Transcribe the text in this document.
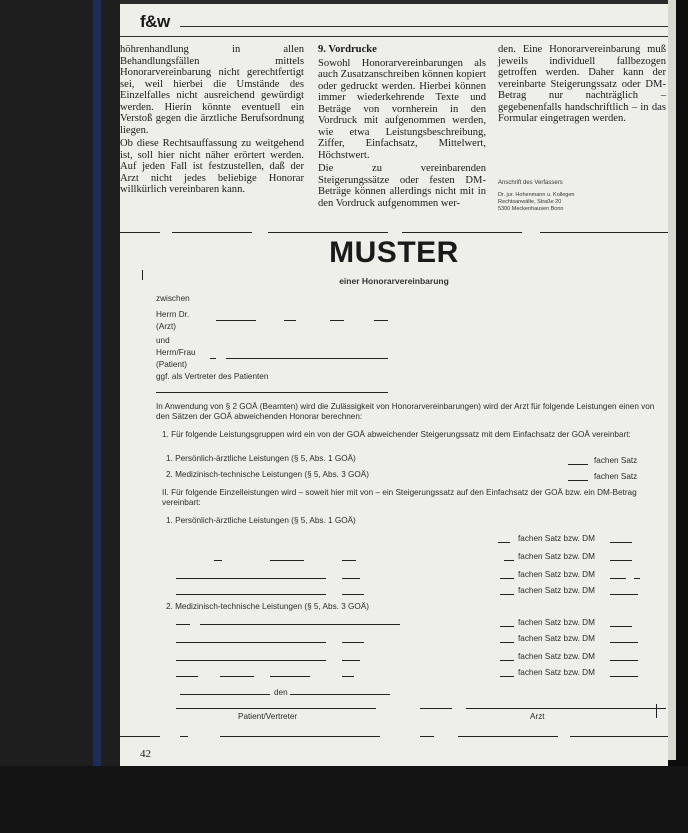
f&w

höhrenhandlung in allen Behandlungsfällen mittels Honorarvereinbarung nicht gerechtfertigt sei, weil hierbei die Umstände des Einzelfalles nicht ausreichend gewürdigt werden. Hierin könnte eventuell ein Verstoß gegen die ärztliche Berufsordnung liegen.

Ob diese Rechtsauffassung zu weitgehend ist, soll hier nicht näher erörtert werden. Auf jeden Fall ist festzustellen, daß der Arzt nicht jedes beliebige Honorar willkürlich vereinbaren kann.

9. Vordrucke

Sowohl Honorarvereinbarungen als auch Zusatzanschreiben können kopiert oder gedruckt werden. Hierbei können immer wiederkehrende Texte und Beträge von vornherein in den Vordruck mit aufgenommen werden, wie etwa Leistungsbeschreibung, Ziffer, Einfachsatz, Mittelwert, Höchstwert.

Die zu vereinbarenden Steigerungssätze oder festen DM-Beträge können allerdings nicht mit in den Vordruck aufgenommen wer-

den. Eine Honorarvereinbarung muß jeweils individuell fallbezogen getroffen werden. Daher kann der vereinbarte Steigerungssatz oder DM-Betrag nur nachträglich – gegebenenfalls handschriftlich – in das Formular eingetragen werden.

Anschrift des Verfassers
Dr. jur. Hohenmann u. Kollegen
Rechtsanwälte, Straße 20
5300 Meckenhausen Bonn
MUSTER
einer Honorarvereinbarung
zwischen
Herrn Dr.
(Arzt)
und
Herrn/Frau
(Patient)
ggf. als Vertreter des Patienten
In Anwendung von § 2 GOÄ (Beamten) wird die Zulässigkeit von Honorarvereinbarungen) wird der Arzt für folgende Leistungen einen von den Sätzen der GOÄ abweichenden Honorar berechnen:
1. Für folgende Leistungsgruppen wird ein von der GOÄ abweichender Steigerungssatz mit dem Einfachsatz der GOÄ vereinbart:
1. Persönlich-ärztliche Leistungen (§ 5, Abs. 1 GOÄ)	fachen Satz
2. Medizinisch-technische Leistungen (§ 5, Abs. 3 GOÄ)	fachen Satz
II. Für folgende Einzelleistungen wird – soweit hier mit von – ein Steigerungssatz auf den Einfachsatz der GOÄ bzw. ein DM-Betrag vereinbart:
1. Persönlich-ärztliche Leistungen (§ 5, Abs. 1 GOÄ)
fachen Satz bzw. DM
fachen Satz bzw. DM
fachen Satz bzw. DM
fachen Satz bzw. DM
2. Medizinisch-technische Leistungen (§ 5, Abs. 3 GOÄ)
fachen Satz bzw. DM
fachen Satz bzw. DM
fachen Satz bzw. DM
fachen Satz bzw. DM
den
Patient/Vertreter	Arzt
42
